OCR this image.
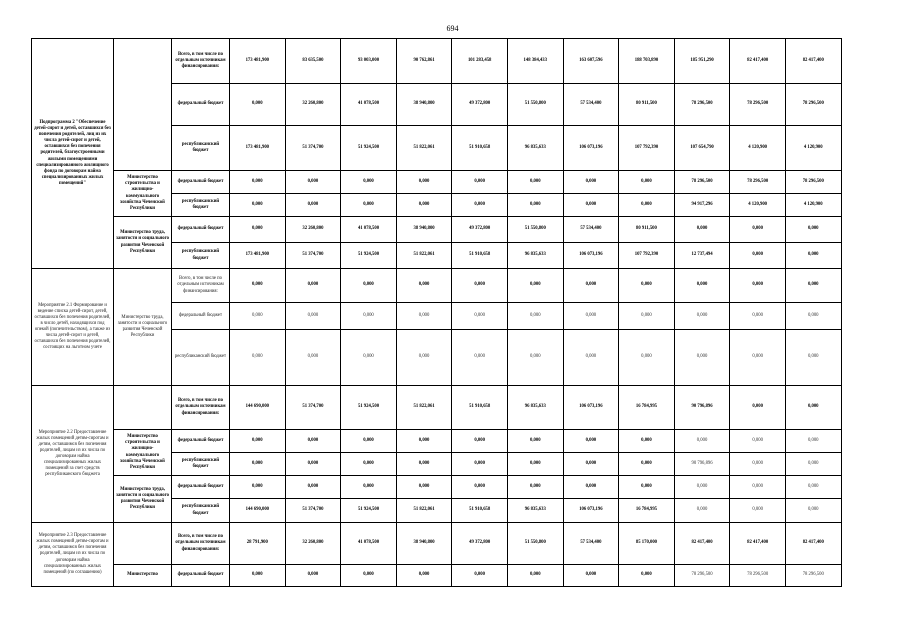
694
Подпрограмма 2 "Обеспечение детей-сирот и детей, оставшихся без попечения родителей, лиц из их числа детей-сирот и детей, оставшихся без попечения родителей, благоустроенными жилыми помещениями специализированного жилищного фонда по договорам найма специализированных жилых помещений"		Всего, в том числе по отдельным источникам финансирования:	173 481,900	83 635,500	93 003,000	90 762,861	101 283,458	148 384,433	163 607,596	188 703,890	185 951,290	82 417,400	82 417,400
		федеральный бюджет	0,000	32 260,800	41 078,500	38 940,800	49 372,800	51 550,800	57 534,400	80 911,500	78 296,500	78 296,500	78 296,500
		республиканский бюджет	173 481,900	51 374,700	51 924,500	51 822,061	51 910,658	96 835,633	106 073,196	107 792,390	107 654,790	4 120,900	4 120,900
	Министерство строительства и жилищно-коммунального хозяйства Чеченской Республики	федеральный бюджет	0,000	0,000	0,000	0,000	0,000	0,000	0,000	0,000	78 296,500	78 296,500	78 296,500
		республиканский бюджет	0,000	0,000	0,000	0,000	0,000	0,000	0,000	0,000	94 917,296	4 120,900	4 120,900
	Министерство труда, занятости и социального развития Чеченской Республики	федеральный бюджет	0,000	32 260,800	41 078,500	38 940,800	49 372,800	51 550,800	57 534,400	80 911,500	0,000	0,000	0,000
		республиканский бюджет	173 481,900	51 374,700	51 924,500	51 822,061	51 910,658	96 835,633	106 073,196	107 792,390	12 737,494	0,000	0,000
Мероприятие 2.1 Формирование и ведение списка детей-сирот, детей, оставшихся без попечения родителей, в число детей, находящихся под опекой (попечительством), а также из числа детей-сирот и детей, оставшихся без попечения родителей, состоящих на льготном учете	Министерство труда, занятости и социального развития Чеченской Республики	Всего, в том числе по отдельным источникам финансирования:	0,000	0,000	0,000	0,000	0,000	0,000	0,000	0,000	0,000	0,000	0,000
		федеральный бюджет	0,000	0,000	0,000	0,000	0,000	0,000	0,000	0,000	0,000	0,000	0,000
		республиканский бюджет	0,000	0,000	0,000	0,000	0,000	0,000	0,000	0,000	0,000	0,000	0,000
Мероприятие 2.2 Предоставление жилых помещений детям-сиротам и детям, оставшимся без попечения родителей, лицам из их числа по договорам найма специализированных жилых помещений за счет средств республиканского бюджета		Всего, в том числе по отдельным источникам финансирования:	144 690,000	51 374,700	51 924,500	51 822,061	51 910,658	96 835,633	106 073,196	16 784,995	90 796,896	0,000	0,000
	Министерство строительства и жилищно-коммунального хозяйства Чеченской Республики	федеральный бюджет	0,000	0,000	0,000	0,000	0,000	0,000	0,000	0,000	0,000	0,000	0,000
		республиканский бюджет	0,000	0,000	0,000	0,000	0,000	0,000	0,000	0,000	90 796,896	0,000	0,000
	Министерство труда, занятости и социального развития Чеченской Республики	федеральный бюджет	0,000	0,000	0,000	0,000	0,000	0,000	0,000	0,000	0,000	0,000	0,000
		республиканский бюджет	144 690,000	51 374,700	51 924,500	51 822,061	51 910,658	96 835,633	106 073,196	16 784,995	0,000	0,000	0,000
Мероприятие 2.3 Предоставление жилых помещений детям-сиротам и детям, оставшимся без попечения родителей, лицам из их числа по договорам найма специализированных жилых помещений (по соглашению)		Всего, в том числе по отдельным источникам финансирования:	28 791,900	32 260,800	41 078,500	38 940,800	49 372,800	51 550,800	57 534,400	85 170,000	82 417,400	82 417,400	82 417,400
	Министерство	федеральный бюджет	0,000	0,000	0,000	0,000	0,000	0,000	0,000	0,000	78 296,500	78 296,500	78 296,500
